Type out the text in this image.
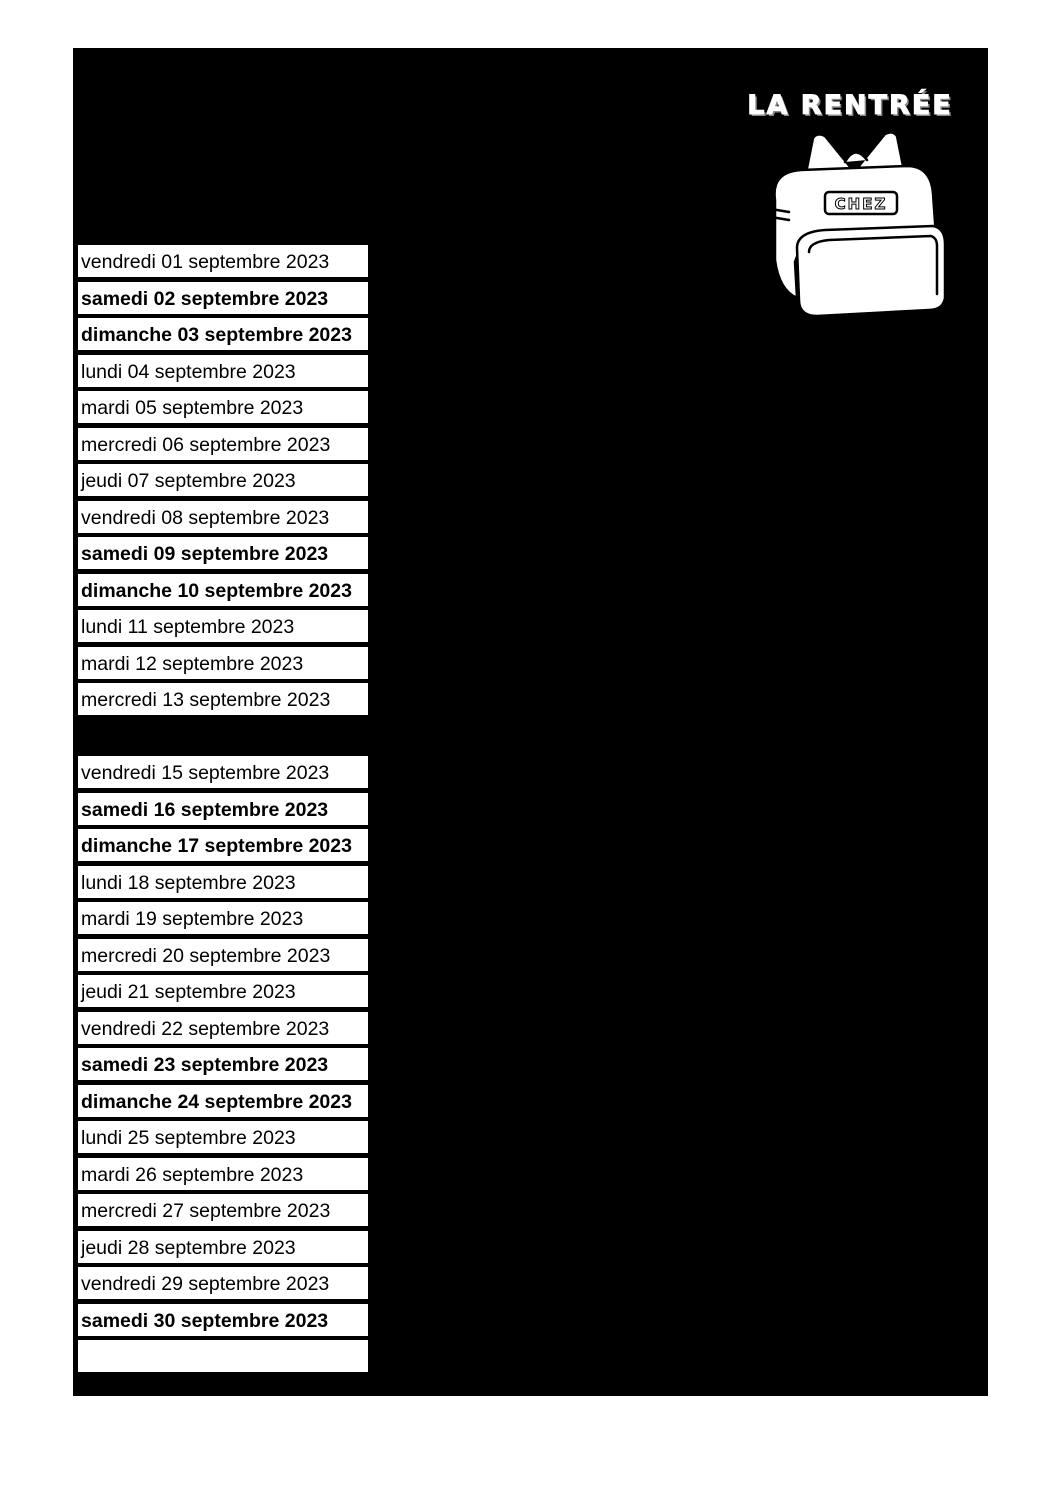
vendredi 01 septembre 2023
samedi 02 septembre 2023
dimanche 03 septembre 2023
lundi 04 septembre 2023
mardi 05 septembre 2023
mercredi 06 septembre 2023
jeudi 07 septembre 2023
vendredi 08 septembre 2023
samedi 09 septembre 2023
dimanche 10 septembre 2023
lundi 11 septembre 2023
mardi 12 septembre 2023
mercredi 13 septembre 2023
vendredi 15 septembre 2023
samedi 16 septembre 2023
dimanche 17 septembre 2023
lundi 18 septembre 2023
mardi 19 septembre 2023
mercredi 20 septembre 2023
jeudi 21 septembre 2023
vendredi 22 septembre 2023
samedi 23 septembre 2023
dimanche 24 septembre 2023
lundi 25 septembre 2023
mardi 26 septembre 2023
mercredi 27 septembre 2023
jeudi 28 septembre 2023
vendredi 29 septembre 2023
samedi 30 septembre 2023
LA RENTRÉE
CHEZ
